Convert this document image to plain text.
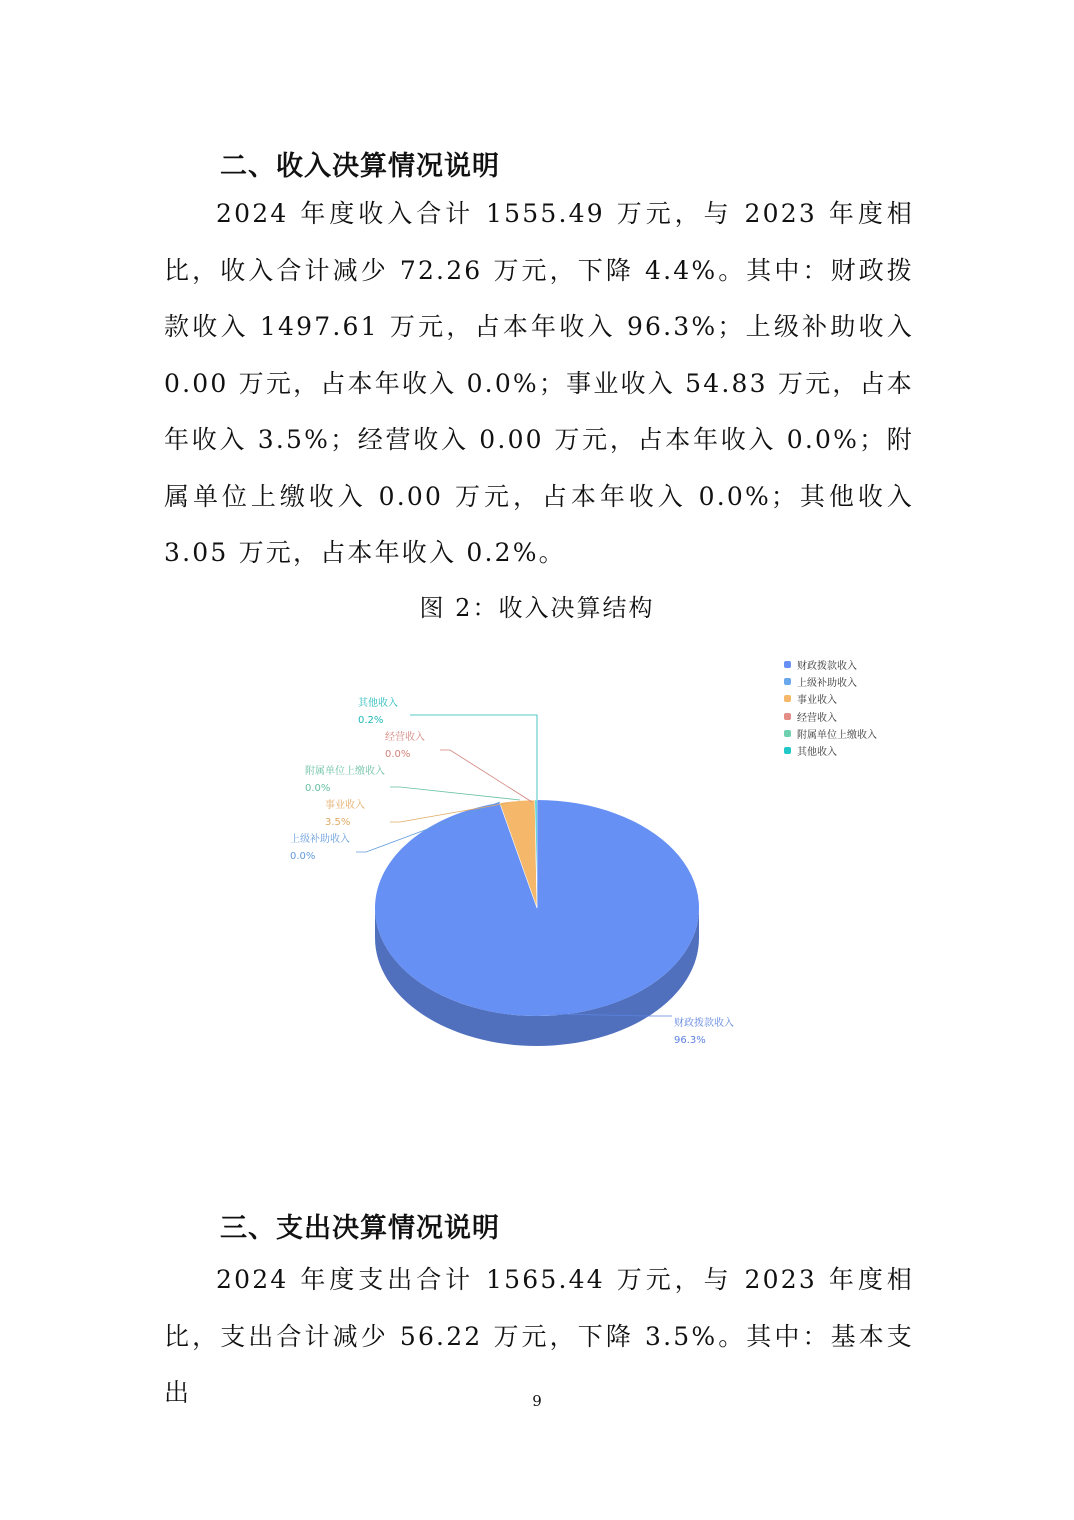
二、收入决算情况说明

2024 年度收入合计 1555.49 万元，与 2023 年度相比，收入合计减少 72.26 万元，下降 4.4%。其中：财政拨款收入 1497.61 万元，占本年收入 96.3%；上级补助收入 0.00 万元，占本年收入 0.0%；事业收入 54.83 万元，占本年收入 3.5%；经营收入 0.00 万元，占本年收入 0.0%；附属单位上缴收入 0.00 万元，占本年收入 0.0%；其他收入 3.05 万元，占本年收入 0.2%。

图 2：收入决算结构

财政拨款收入
96.3%
上级补助收入
0.0%
事业收入
3.5%
经营收入
0.0%
附属单位上缴收入
0.0%
其他收入
0.2%
财政拨款收入
上级补助收入
事业收入
经营收入
附属单位上缴收入
其他收入
三、支出决算情况说明

2024 年度支出合计 1565.44 万元，与 2023 年度相比，支出合计减少 56.22 万元，下降 3.5%。其中：基本支出	9
